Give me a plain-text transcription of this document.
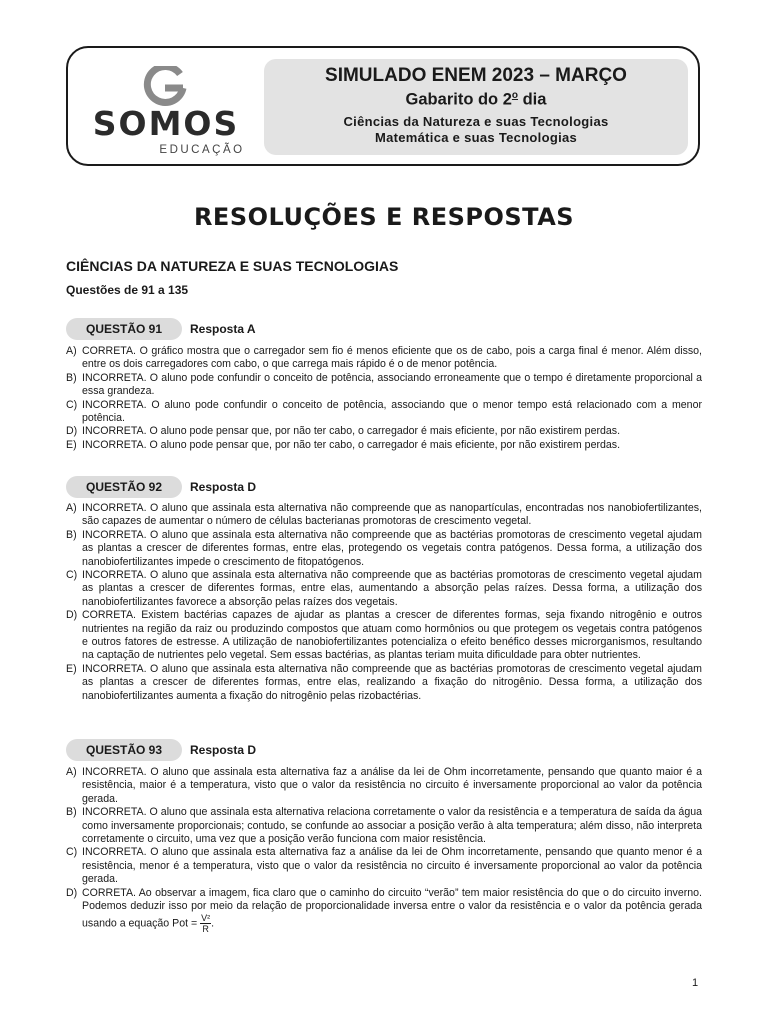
SOMOS
EDUCAÇÃO
SIMULADO ENEM 2023 – MARÇO
Gabarito do 2$^o$ dia
Ciências da Natureza e suas Tecnologias
Matemática e suas Tecnologias
RESOLUÇÕES E RESPOSTAS
CIÊNCIAS DA NATUREZA E SUAS TECNOLOGIAS
Questões de 91 a 135
QUESTÃO 91 Resposta A
A) CORRETA. O gráfico mostra que o carregador sem fio é menos eficiente que os de cabo, pois a carga final é menor. Além disso, entre os dois carregadores com cabo, o que carrega mais rápido é o de menor potência.
B) INCORRETA. O aluno pode confundir o conceito de potência, associando erroneamente que o tempo é diretamente proporcional a essa grandeza.
C) INCORRETA. O aluno pode confundir o conceito de potência, associando que o menor tempo está relacionado com a menor potência.
D) INCORRETA. O aluno pode pensar que, por não ter cabo, o carregador é mais eficiente, por não existirem perdas.
E) INCORRETA. O aluno pode pensar que, por não ter cabo, o carregador é mais eficiente, por não existirem perdas.
QUESTÃO 92 Resposta D
A) INCORRETA. O aluno que assinala esta alternativa não compreende que as nanopartículas, encontradas nos nanobiofertilizantes, são capazes de aumentar o número de células bacterianas promotoras de crescimento vegetal.
B) INCORRETA. O aluno que assinala esta alternativa não compreende que as bactérias promotoras de crescimento vegetal ajudam as plantas a crescer de diferentes formas, entre elas, protegendo os vegetais contra patógenos. Dessa forma, a utilização dos nanobiofertilizantes impede o crescimento de fitopatógenos.
C) INCORRETA. O aluno que assinala esta alternativa não compreende que as bactérias promotoras de crescimento vegetal ajudam as plantas a crescer de diferentes formas, entre elas, aumentando a absorção pelas raízes. Dessa forma, a utilização dos nanobiofertilizantes favorece a absorção pelas raízes dos vegetais.
D) CORRETA. Existem bactérias capazes de ajudar as plantas a crescer de diferentes formas, seja fixando nitrogênio e outros nutrientes na região da raiz ou produzindo compostos que atuam como hormônios ou que protegem os vegetais contra patógenos e outros fatores de estresse. A utilização de nanobiofertilizantes potencializa o efeito benéfico desses microrganismos, resultando na captação de nutrientes pelo vegetal. Sem essas bactérias, as plantas teriam muita dificuldade para obter nutrientes.
E) INCORRETA. O aluno que assinala esta alternativa não compreende que as bactérias promotoras de crescimento vegetal ajudam as plantas a crescer de diferentes formas, entre elas, realizando a fixação do nitrogênio. Dessa forma, a utilização dos nanobiofertilizantes aumenta a fixação do nitrogênio pelas rizobactérias.
QUESTÃO 93 Resposta D
A) INCORRETA. O aluno que assinala esta alternativa faz a análise da lei de Ohm incorretamente, pensando que quanto maior é a resistência, maior é a temperatura, visto que o valor da resistência no circuito é inversamente proporcional ao valor da potência gerada.
B) INCORRETA. O aluno que assinala esta alternativa relaciona corretamente o valor da resistência e a temperatura de saída da água como inversamente proporcionais; contudo, se confunde ao associar a posição verão à alta temperatura; além disso, não interpreta corretamente o circuito, uma vez que a posição verão funciona com maior resistência.
C) INCORRETA. O aluno que assinala esta alternativa faz a análise da lei de Ohm incorretamente, pensando que quanto menor é a resistência, menor é a temperatura, visto que o valor da resistência no circuito é inversamente proporcional ao valor da potência gerada.
D) CORRETA. Ao observar a imagem, fica claro que o caminho do circuito “verão” tem maior resistência do que o do circuito inverno. Podemos deduzir isso por meio da relação de proporcionalidade inversa entre o valor da resistência e o valor da potência gerada usando a equação Pot = $\frac{\text{V²}}{R}$ .
1
